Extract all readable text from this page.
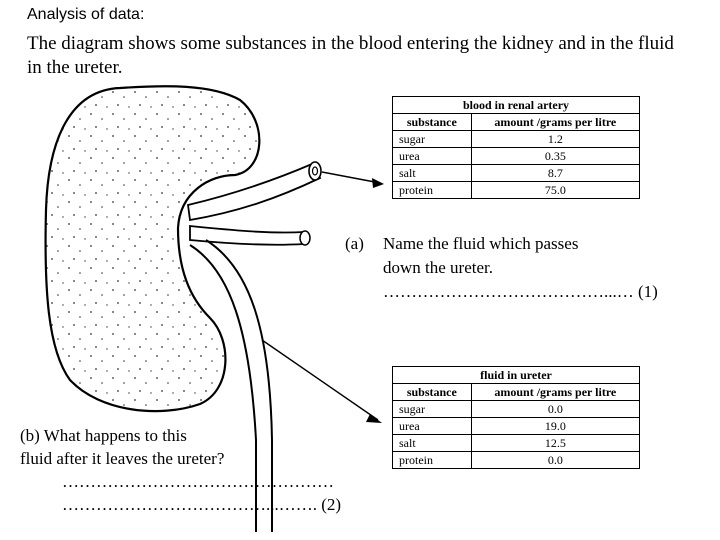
Analysis of data:
The diagram shows some substances in the blood entering the kidney and in the fluid in the ureter.
blood in renal artery	
substance	amount /grams per litre
sugar	1.2
urea	0.35
salt	8.7
protein	75.0
fluid in ureter	
substance	amount /grams per litre
sugar	0.0
urea	19.0
salt	12.5
protein	0.0
(a) Name the fluid which passes
down the ureter.
…………………………………...… (1)
(b) What happens to this
fluid after it leaves the ureter?
…………………………………………
………………………………...……. (2)
